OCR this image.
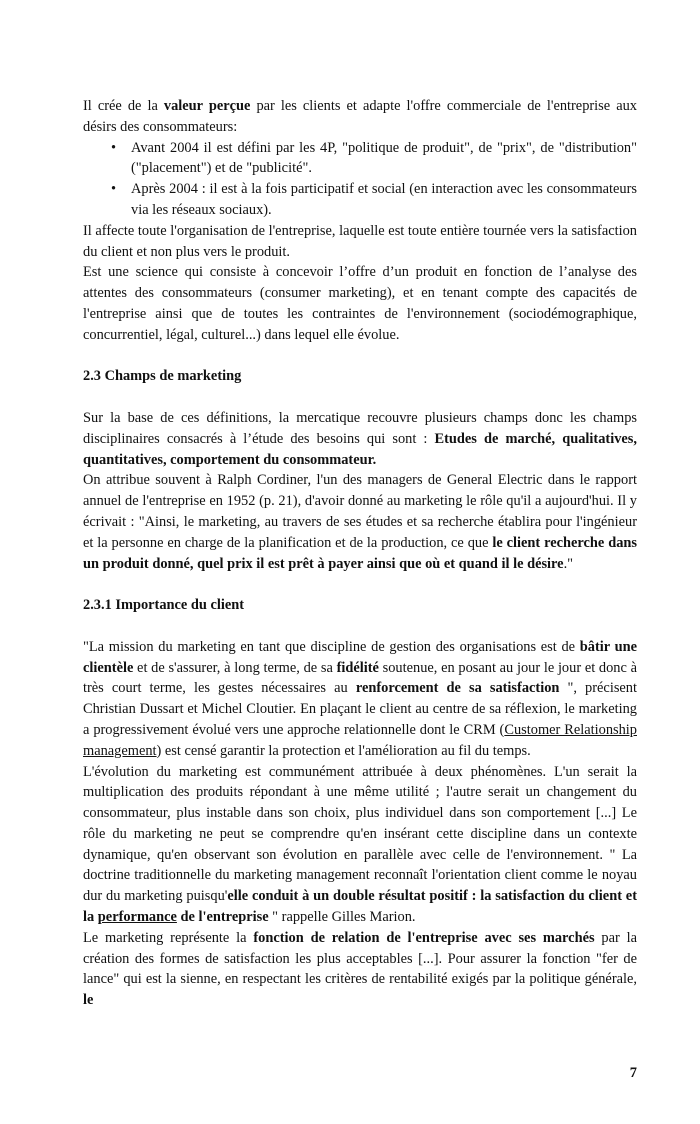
Il crée de la valeur perçue par les clients et adapte l'offre commerciale de l'entreprise aux désirs des consommateurs:

• Avant 2004 il est défini par les 4P, "politique de produit", de "prix", de "distribution" ("placement") et de "publicité".
• Après 2004 : il est à la fois participatif et social (en interaction avec les consommateurs via les réseaux sociaux).

Il affecte toute l'organisation de l'entreprise, laquelle est toute entière tournée vers la satisfaction du client et non plus vers le produit.

Est une science qui consiste à concevoir l’offre d’un produit en fonction de l’analyse des attentes des consommateurs (consumer marketing), et en tenant compte des capacités de l'entreprise ainsi que de toutes les contraintes de l'environnement (sociodémographique, concurrentiel, légal, culturel...) dans lequel elle évolue.

2.3 Champs de marketing

Sur la base de ces définitions, la mercatique recouvre plusieurs champs donc les champs disciplinaires consacrés à l’étude des besoins qui sont : Etudes de marché, qualitatives, quantitatives, comportement du consommateur.

On attribue souvent à Ralph Cordiner, l'un des managers de General Electric dans le rapport annuel de l'entreprise en 1952 (p. 21), d'avoir donné au marketing le rôle qu'il a aujourd'hui. Il y écrivait : "Ainsi, le marketing, au travers de ses études et sa recherche établira pour l'ingénieur et la personne en charge de la planification et de la production, ce que le client recherche dans un produit donné, quel prix il est prêt à payer ainsi que où et quand il le désire."

2.3.1 Importance du client

"La mission du marketing en tant que discipline de gestion des organisations est de bâtir une clientèle et de s'assurer, à long terme, de sa fidélité soutenue, en posant au jour le jour et donc à très court terme, les gestes nécessaires au renforcement de sa satisfaction ", précisent Christian Dussart et Michel Cloutier. En plaçant le client au centre de sa réflexion, le marketing a progressivement évolué vers une approche relationnelle dont le CRM (Customer Relationship management) est censé garantir la protection et l'amélioration au fil du temps.

L'évolution du marketing est communément attribuée à deux phénomènes. L'un serait la multiplication des produits répondant à une même utilité ; l'autre serait un changement du consommateur, plus instable dans son choix, plus individuel dans son comportement [...] Le rôle du marketing ne peut se comprendre qu'en insérant cette discipline dans un contexte dynamique, qu'en observant son évolution en parallèle avec celle de l'environnement. " La doctrine traditionnelle du marketing management reconnaît l'orientation client comme le noyau dur du marketing puisqu'elle conduit à un double résultat positif : la satisfaction du client et la performance de l'entreprise " rappelle Gilles Marion.

Le marketing représente la fonction de relation de l'entreprise avec ses marchés par la création des formes de satisfaction les plus acceptables [...]. Pour assurer la fonction "fer de lance" qui est la sienne, en respectant les critères de rentabilité exigés par la politique générale, le

7
